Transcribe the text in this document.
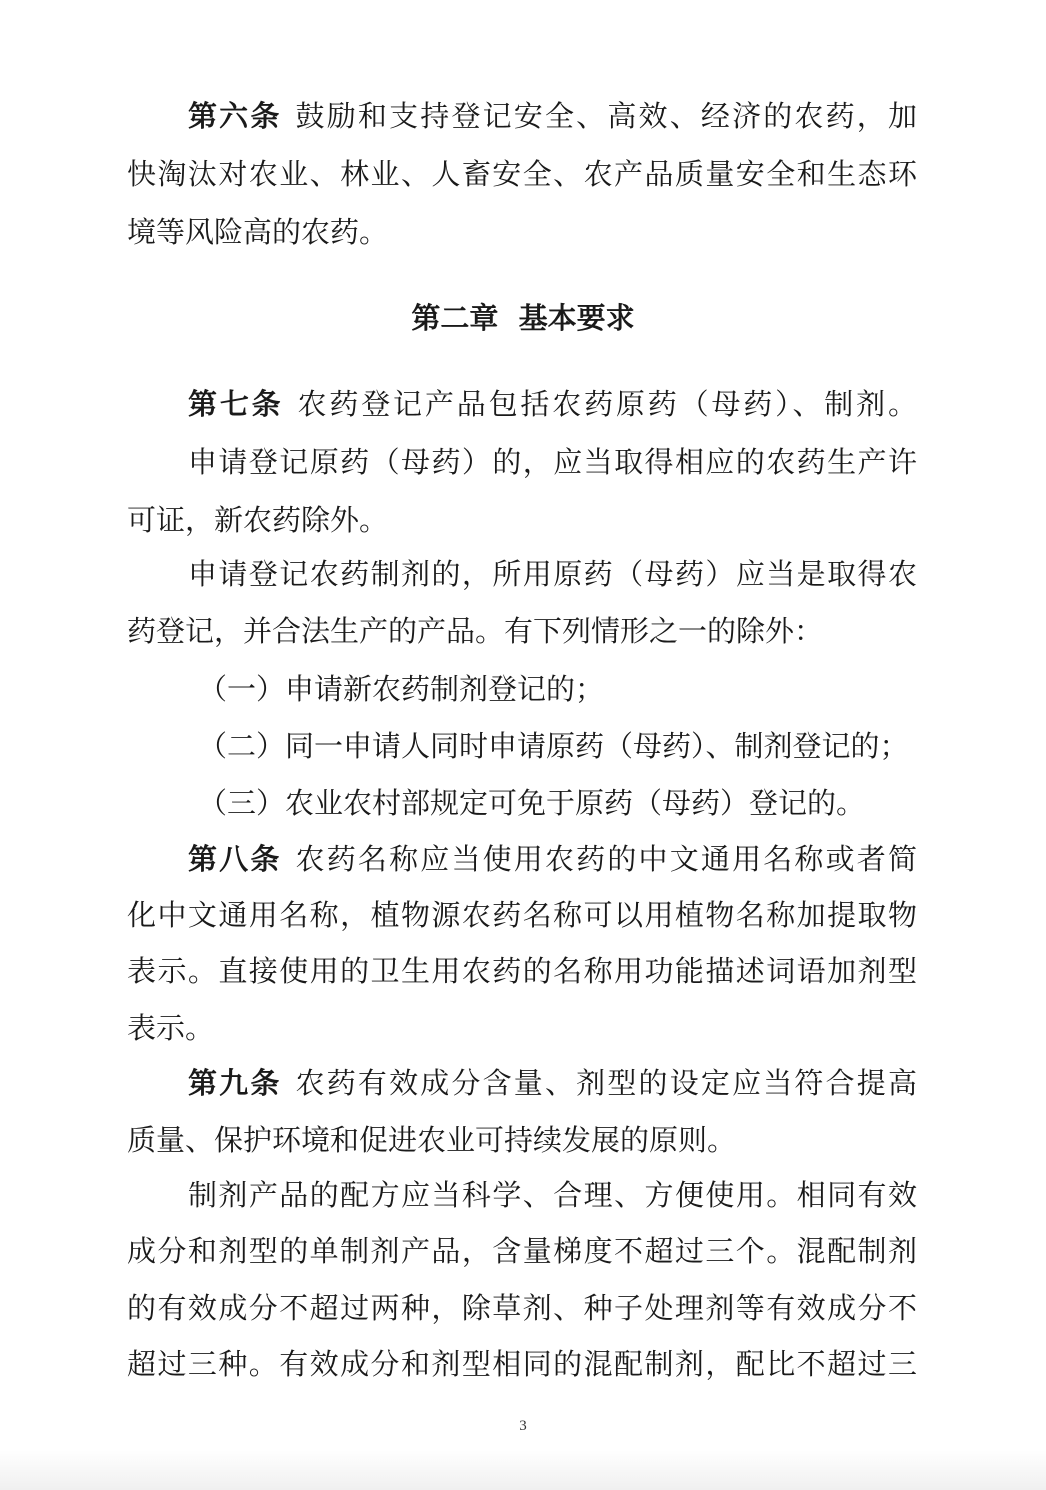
第六条 鼓励和支持登记安全、高效、经济的农药，加

快淘汰对农业、林业、人畜安全、农产品质量安全和生态环

境等风险高的农药。

第二章  基本要求

第七条 农药登记产品包括农药原药（母药）、制剂。

申请登记原药（母药）的，应当取得相应的农药生产许

可证，新农药除外。

申请登记农药制剂的，所用原药（母药）应当是取得农

药登记，并合法生产的产品。有下列情形之一的除外：

（一）申请新农药制剂登记的；

（二）同一申请人同时申请原药（母药）、制剂登记的；

（三）农业农村部规定可免于原药（母药）登记的。

第八条 农药名称应当使用农药的中文通用名称或者简

化中文通用名称，植物源农药名称可以用植物名称加提取物

表示。直接使用的卫生用农药的名称用功能描述词语加剂型

表示。

第九条 农药有效成分含量、剂型的设定应当符合提高

质量、保护环境和促进农业可持续发展的原则。

制剂产品的配方应当科学、合理、方便使用。相同有效

成分和剂型的单制剂产品，含量梯度不超过三个。混配制剂

的有效成分不超过两种，除草剂、种子处理剂等有效成分不

超过三种。有效成分和剂型相同的混配制剂，配比不超过三

3
